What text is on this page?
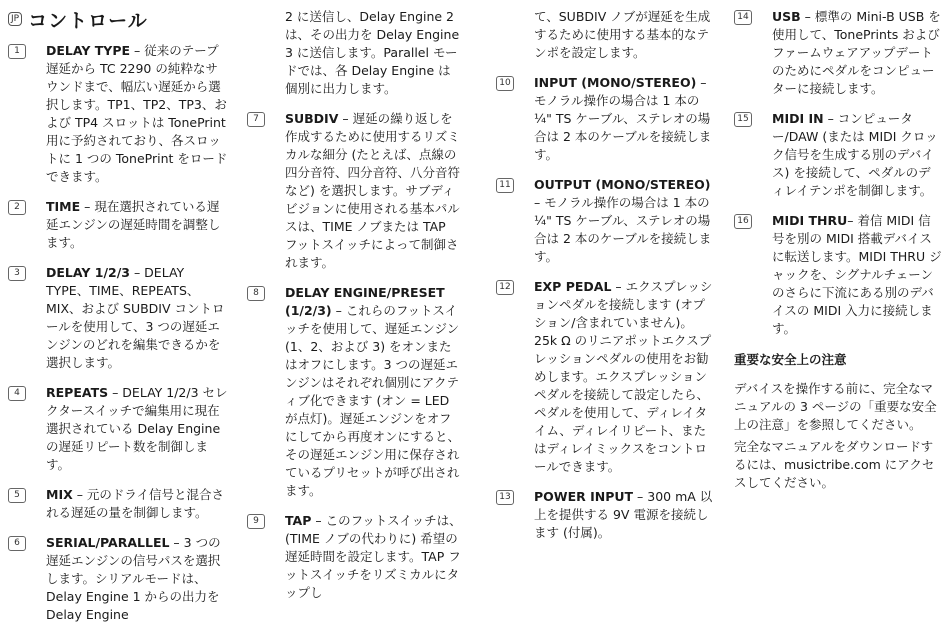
JP コントロール
1	DELAY TYPE – 従来のテープ遅延から TC 2290 の純粋なサウンドまで、幅広い遅延から選択します。TP1、TP2、TP3、および TP4 スロットは TonePrint 用に予約されており、各スロットに 1 つの TonePrint をロードできます。
2	TIME – 現在選択されている遅延エンジンの遅延時間を調整します。
3	DELAY 1/2/3 – DELAY TYPE、TIME、REPEATS、MIX、および SUBDIV コントロールを使用して、3 つの遅延エンジンのどれを編集できるかを選択します。
4	REPEATS – DELAY 1/2/3 セレクタースイッチで編集用に現在選択されている Delay Engine の遅延リピート数を制御します。
5	MIX – 元のドライ信号と混合される遅延の量を制御します。
6	SERIAL/PARALLEL – 3 つの遅延エンジンの信号パスを選択します。シリアルモードは、Delay Engine 1 からの出力を Delay Engine
2 に送信し、Delay Engine 2 は、その出力を Delay Engine 3 に送信します。Parallel モードでは、各 Delay Engine は個別に出力します。
7	SUBDIV – 遅延の繰り返しを作成するために使用するリズミカルな細分 (たとえば、点線の四分音符、四分音符、八分音符など) を選択します。サブディビジョンに使用される基本パルスは、TIME ノブまたは TAP フットスイッチによって制御されます。
8	DELAY ENGINE/PRESET (1/2/3) – これらのフットスイッチを使用して、遅延エンジン (1、2、および 3) をオンまたはオフにします。3 つの遅延エンジンはそれぞれ個別にアクティブ化できます (オン = LED が点灯)。遅延エンジンをオフにしてから再度オンにすると、その遅延エンジン用に保存されているプリセットが呼び出されます。
9	TAP – このフットスイッチは、(TIME ノブの代わりに) 希望の遅延時間を設定します。TAP フットスイッチをリズミカルにタップし
て、SUBDIV ノブが遅延を生成するために使用する基本的なテンポを設定します。
10 INPUT (MONO/STEREO) – モノラル操作の場合は 1 本の ¼" TS ケーブル、ステレオの場合は 2 本のケーブルを接続します。
11 OUTPUT (MONO/STEREO) – モノラル操作の場合は 1 本の ¼" TS ケーブル、ステレオの場合は 2 本のケーブルを接続します。
12 EXP PEDAL – エクスプレッションペダルを接続します (オプション/含まれていません)。25k Ω のリニアポットエクスプレッションペダルの使用をお勧めします。エクスプレッションペダルを接続して設定したら、ペダルを使用して、ディレイタイム、ディレイリピート、またはディレイミックスをコントロールできます。
13 POWER INPUT – 300 mA 以上を提供する 9V 電源を接続します (付属)。
14 USB – 標準の Mini-B USB を使用して、TonePrints およびファームウェアアップデートのためにペダルをコンピューターに接続します。
15 MIDI IN – コンピューター/DAW (または MIDI クロック信号を生成する別のデバイス) を接続して、ペダルのディレイテンポを制御します。
16 MIDI THRU– 着信 MIDI 信号を別の MIDI 搭載デバイスに転送します。MIDI THRU ジャックを、シグナルチェーンのさらに下流にある別のデバイスの MIDI 入力に接続します。
重要な安全上の注意
デバイスを操作する前に、完全なマニュアルの 3 ページの「重要な安全上の注意」を参照してください。
完全なマニュアルをダウンロードするには、musictribe.com にアクセスしてください。
